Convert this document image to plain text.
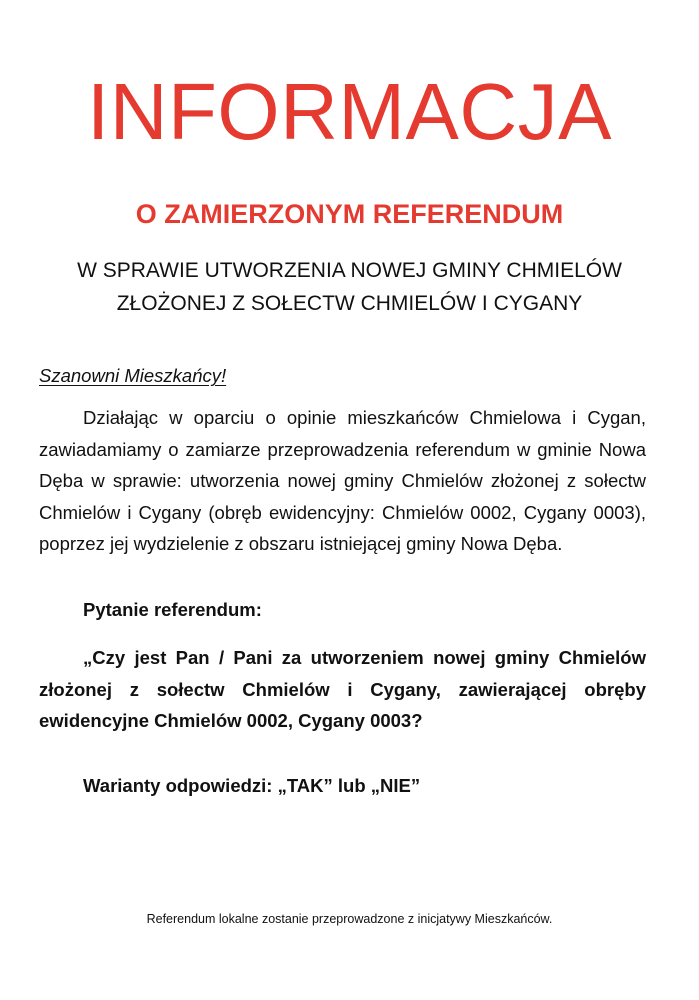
INFORMACJA
O ZAMIERZONYM REFERENDUM

W SPRAWIE UTWORZENIA NOWEJ GMINY CHMIELÓW
ZŁOŻONEJ Z SOŁECTW CHMIELÓW I CYGANY

Szanowni Mieszkańcy!

Działając w oparciu o opinie mieszkańców Chmielowa i Cygan, zawiadamiamy o zamiarze przeprowadzenia referendum w gminie Nowa Dęba w sprawie: utworzenia nowej gminy Chmielów złożonej z sołectw Chmielów i Cygany (obręb ewidencyjny: Chmielów 0002, Cygany 0003), poprzez jej wydzielenie z obszaru istniejącej gminy Nowa Dęba.

Pytanie referendum:

„Czy jest Pan / Pani za utworzeniem nowej gminy Chmielów złożonej z sołectw Chmielów i Cygany, zawierającej obręby ewidencyjne Chmielów 0002, Cygany 0003?

Warianty odpowiedzi: „TAK” lub „NIE”

Referendum lokalne zostanie przeprowadzone z inicjatywy Mieszkańców.
